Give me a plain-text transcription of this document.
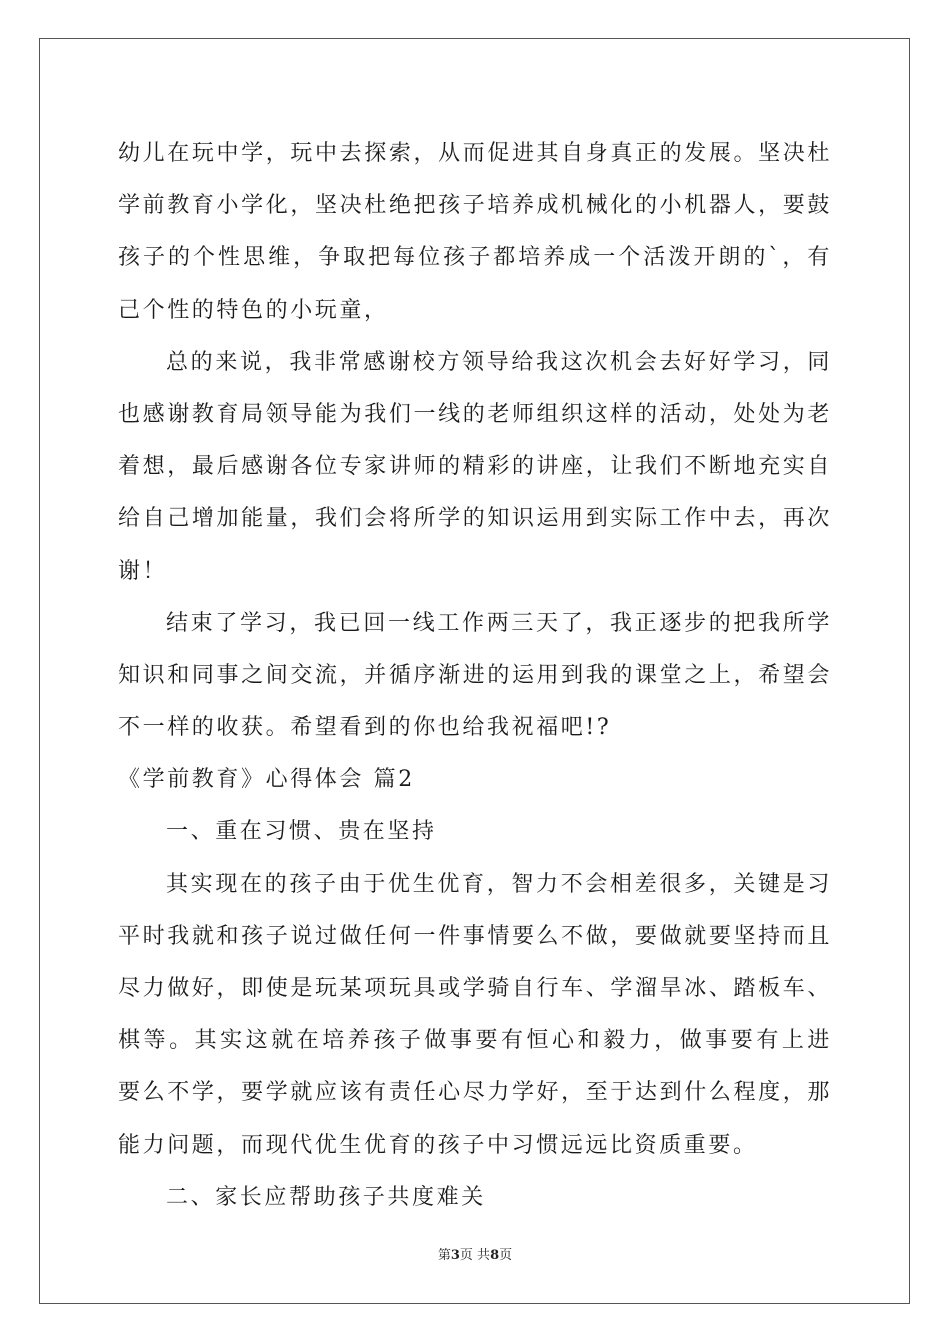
幼儿在玩中学，玩中去探索，从而促进其自身真正的发展。坚决杜
学前教育小学化，坚决杜绝把孩子培养成机械化的小机器人，要鼓
孩子的个性思维，争取把每位孩子都培养成一个活泼开朗的`，有
己个性的特色的小玩童，
总的来说，我非常感谢校方领导给我这次机会去好好学习，同
也感谢教育局领导能为我们一线的老师组织这样的活动，处处为老
着想，最后感谢各位专家讲师的精彩的讲座，让我们不断地充实自
给自己增加能量，我们会将所学的知识运用到实际工作中去，再次
谢！
结束了学习，我已回一线工作两三天了，我正逐步的把我所学
知识和同事之间交流，并循序渐进的运用到我的课堂之上，希望会
不一样的收获。希望看到的你也给我祝福吧!?
《学前教育》心得体会 篇2
一、重在习惯、贵在坚持
其实现在的孩子由于优生优育，智力不会相差很多，关键是习
平时我就和孩子说过做任何一件事情要么不做，要做就要坚持而且
尽力做好，即使是玩某项玩具或学骑自行车、学溜旱冰、踏板车、
棋等。其实这就在培养孩子做事要有恒心和毅力，做事要有上进
要么不学，要学就应该有责任心尽力学好，至于达到什么程度，那
能力问题，而现代优生优育的孩子中习惯远远比资质重要。
二、家长应帮助孩子共度难关
第3页 共8页
